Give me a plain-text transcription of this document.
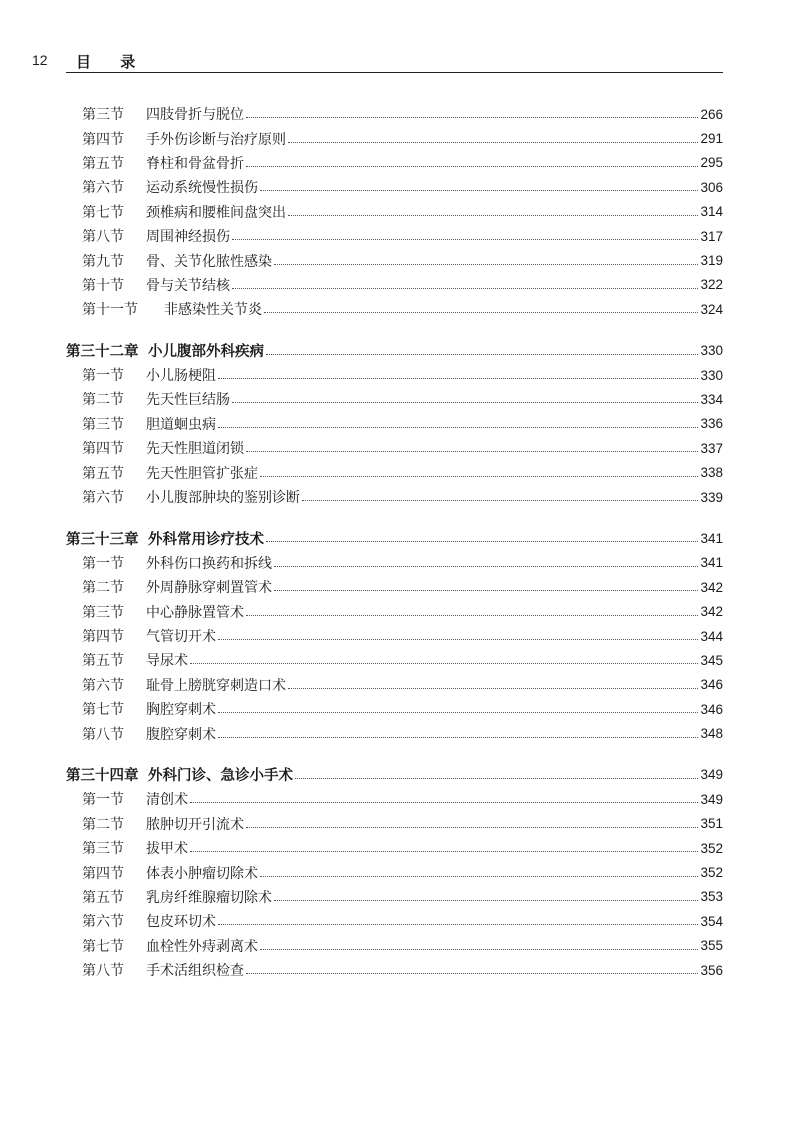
12 目 录
第三节	四肢骨折与脱位	266
第四节	手外伤诊断与治疗原则	291
第五节	脊柱和骨盆骨折	295
第六节	运动系统慢性损伤	306
第七节	颈椎病和腰椎间盘突出	314
第八节	周围神经损伤	317
第九节	骨、关节化脓性感染	319
第十节	骨与关节结核	322
第十一节	非感染性关节炎	324
第三十二章 小儿腹部外科疾病	330
第一节	小儿肠梗阻	330
第二节	先天性巨结肠	334
第三节	胆道蛔虫病	336
第四节	先天性胆道闭锁	337
第五节	先天性胆管扩张症	338
第六节	小儿腹部肿块的鉴别诊断	339
第三十三章 外科常用诊疗技术	341
第一节	外科伤口换药和拆线	341
第二节	外周静脉穿刺置管术	342
第三节	中心静脉置管术	342
第四节	气管切开术	344
第五节	导尿术	345
第六节	耻骨上膀胱穿刺造口术	346
第七节	胸腔穿刺术	346
第八节	腹腔穿刺术	348
第三十四章 外科门诊、急诊小手术	349
第一节	清创术	349
第二节	脓肿切开引流术	351
第三节	拔甲术	352
第四节	体表小肿瘤切除术	352
第五节	乳房纤维腺瘤切除术	353
第六节	包皮环切术	354
第七节	血栓性外痔剥离术	355
第八节	手术活组织检查	356
